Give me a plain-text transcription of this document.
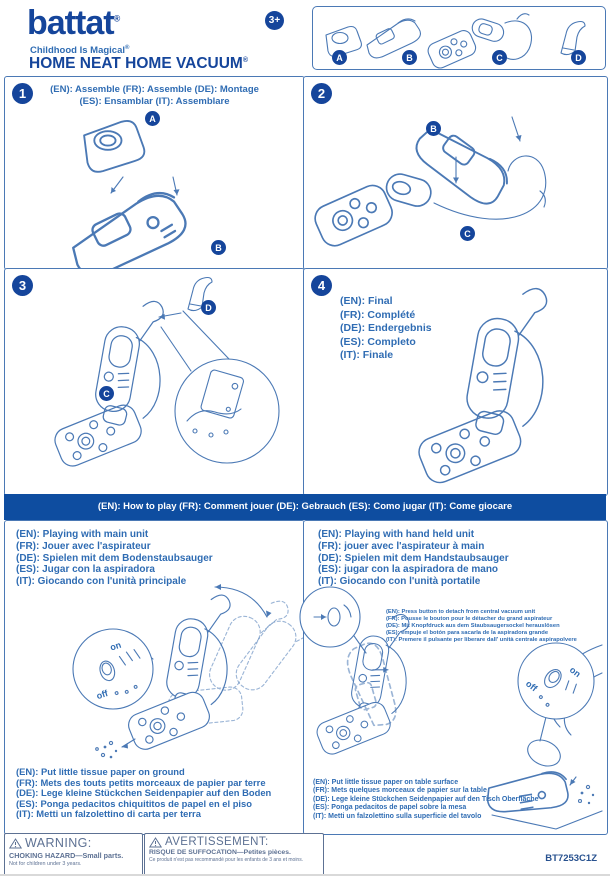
battat®
Childhood Is Magical®
HOME NEAT HOME VACUUM®
3+
A	B	C	D
1	(EN): Assemble (FR): Assemble (DE): Montage
(ES): Ensamblar (IT): Assemblare
A
B
2
B
C
3
D
C
4
(EN): Final
(FR): Complété
(DE): Endergebnis
(ES): Completo
(IT): Finale
(EN): How to play (FR): Comment jouer (DE): Gebrauch (ES): Como jugar (IT): Come giocare
(EN): Playing with main unit
(FR): Jouer avec l'aspirateur
(DE): Spielen mit dem Bodenstaubsauger
(ES): Jugar con la aspiradora
(IT): Giocando con l'unità principale
on
off
(EN): Put little tissue paper on ground
(FR): Mets des touts petits morceaux de papier par terre
(DE): Lege kleine Stückchen Seidenpapier auf den Boden
(ES): Ponga pedacitos chiquititos de papel en el piso
(IT): Metti un falzolettino di carta per terra
(EN): Playing with hand held unit
(FR): jouer avec l'aspirateur à main
(DE): Spielen mit dem Handstaubsauger
(ES): jugar con la aspiradora de mano
(IT): Giocando con l'unità portatile
(EN): Press button to detach from central vacuum unit
(FR): Pousse le bouton pour le détacher du grand aspirateur
(DE): Mit Knopfdruck aus dem Staubsaugersockel herauslösen
(ES): empuje el botón para sacarla de la aspiradora grande
(IT): Premere il pulsante per liberare dall' unità centrale aspirapolvere
on
off
(EN): Put little tissue paper on table surface
(FR): Mets quelques morceaux de papier sur la table
(DE): Lege kleine Stückchen Seidenpapier auf den Tisch Oberfläche
(ES): Ponga pedacitos de papel sobre la mesa
(IT): Metti un falzolettino sulla superficie del tavolo
WARNING:
CHOKING HAZARD—Small parts.
Not for children under 3 years.
AVERTISSEMENT:
RISQUE DE SUFFOCATION—Petites pièces.
Ce produit n'est pas recommandé pour les enfants de 3 ans et moins.	BT7253C1Z
